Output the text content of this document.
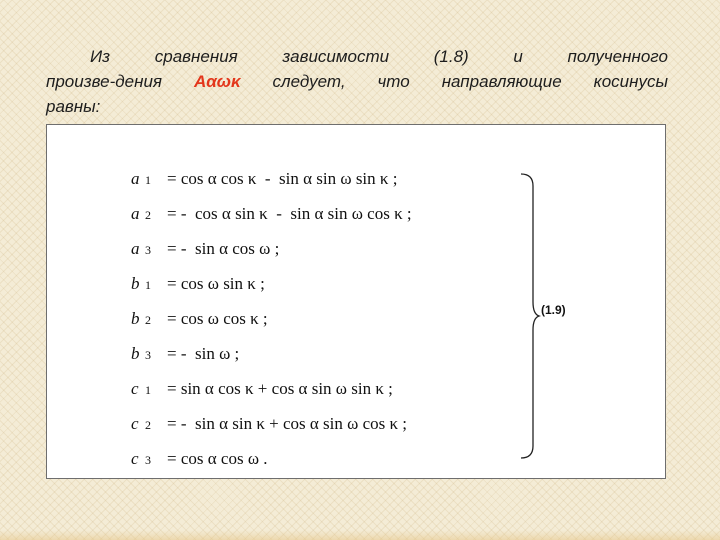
Из	сравнения	зависимости	(1.8)	и	полученного
произве-дения Aαωκ следует, что направляющие косинусы
равны:
a 1 = cos α cos κ  -  sin α sin ω sin κ ;
a 2 = -  cos α sin κ  -  sin α sin ω cos κ ;
a 3 = -  sin α cos ω ;
b 1 = cos ω sin κ ;
b 2 = cos ω cos κ ;
b 3 = -  sin ω ;
c 1 = sin α cos κ + cos α sin ω sin κ ;
c 2 = -  sin α sin κ + cos α sin ω cos κ ;
c 3 = cos α cos ω .
(1.9)
